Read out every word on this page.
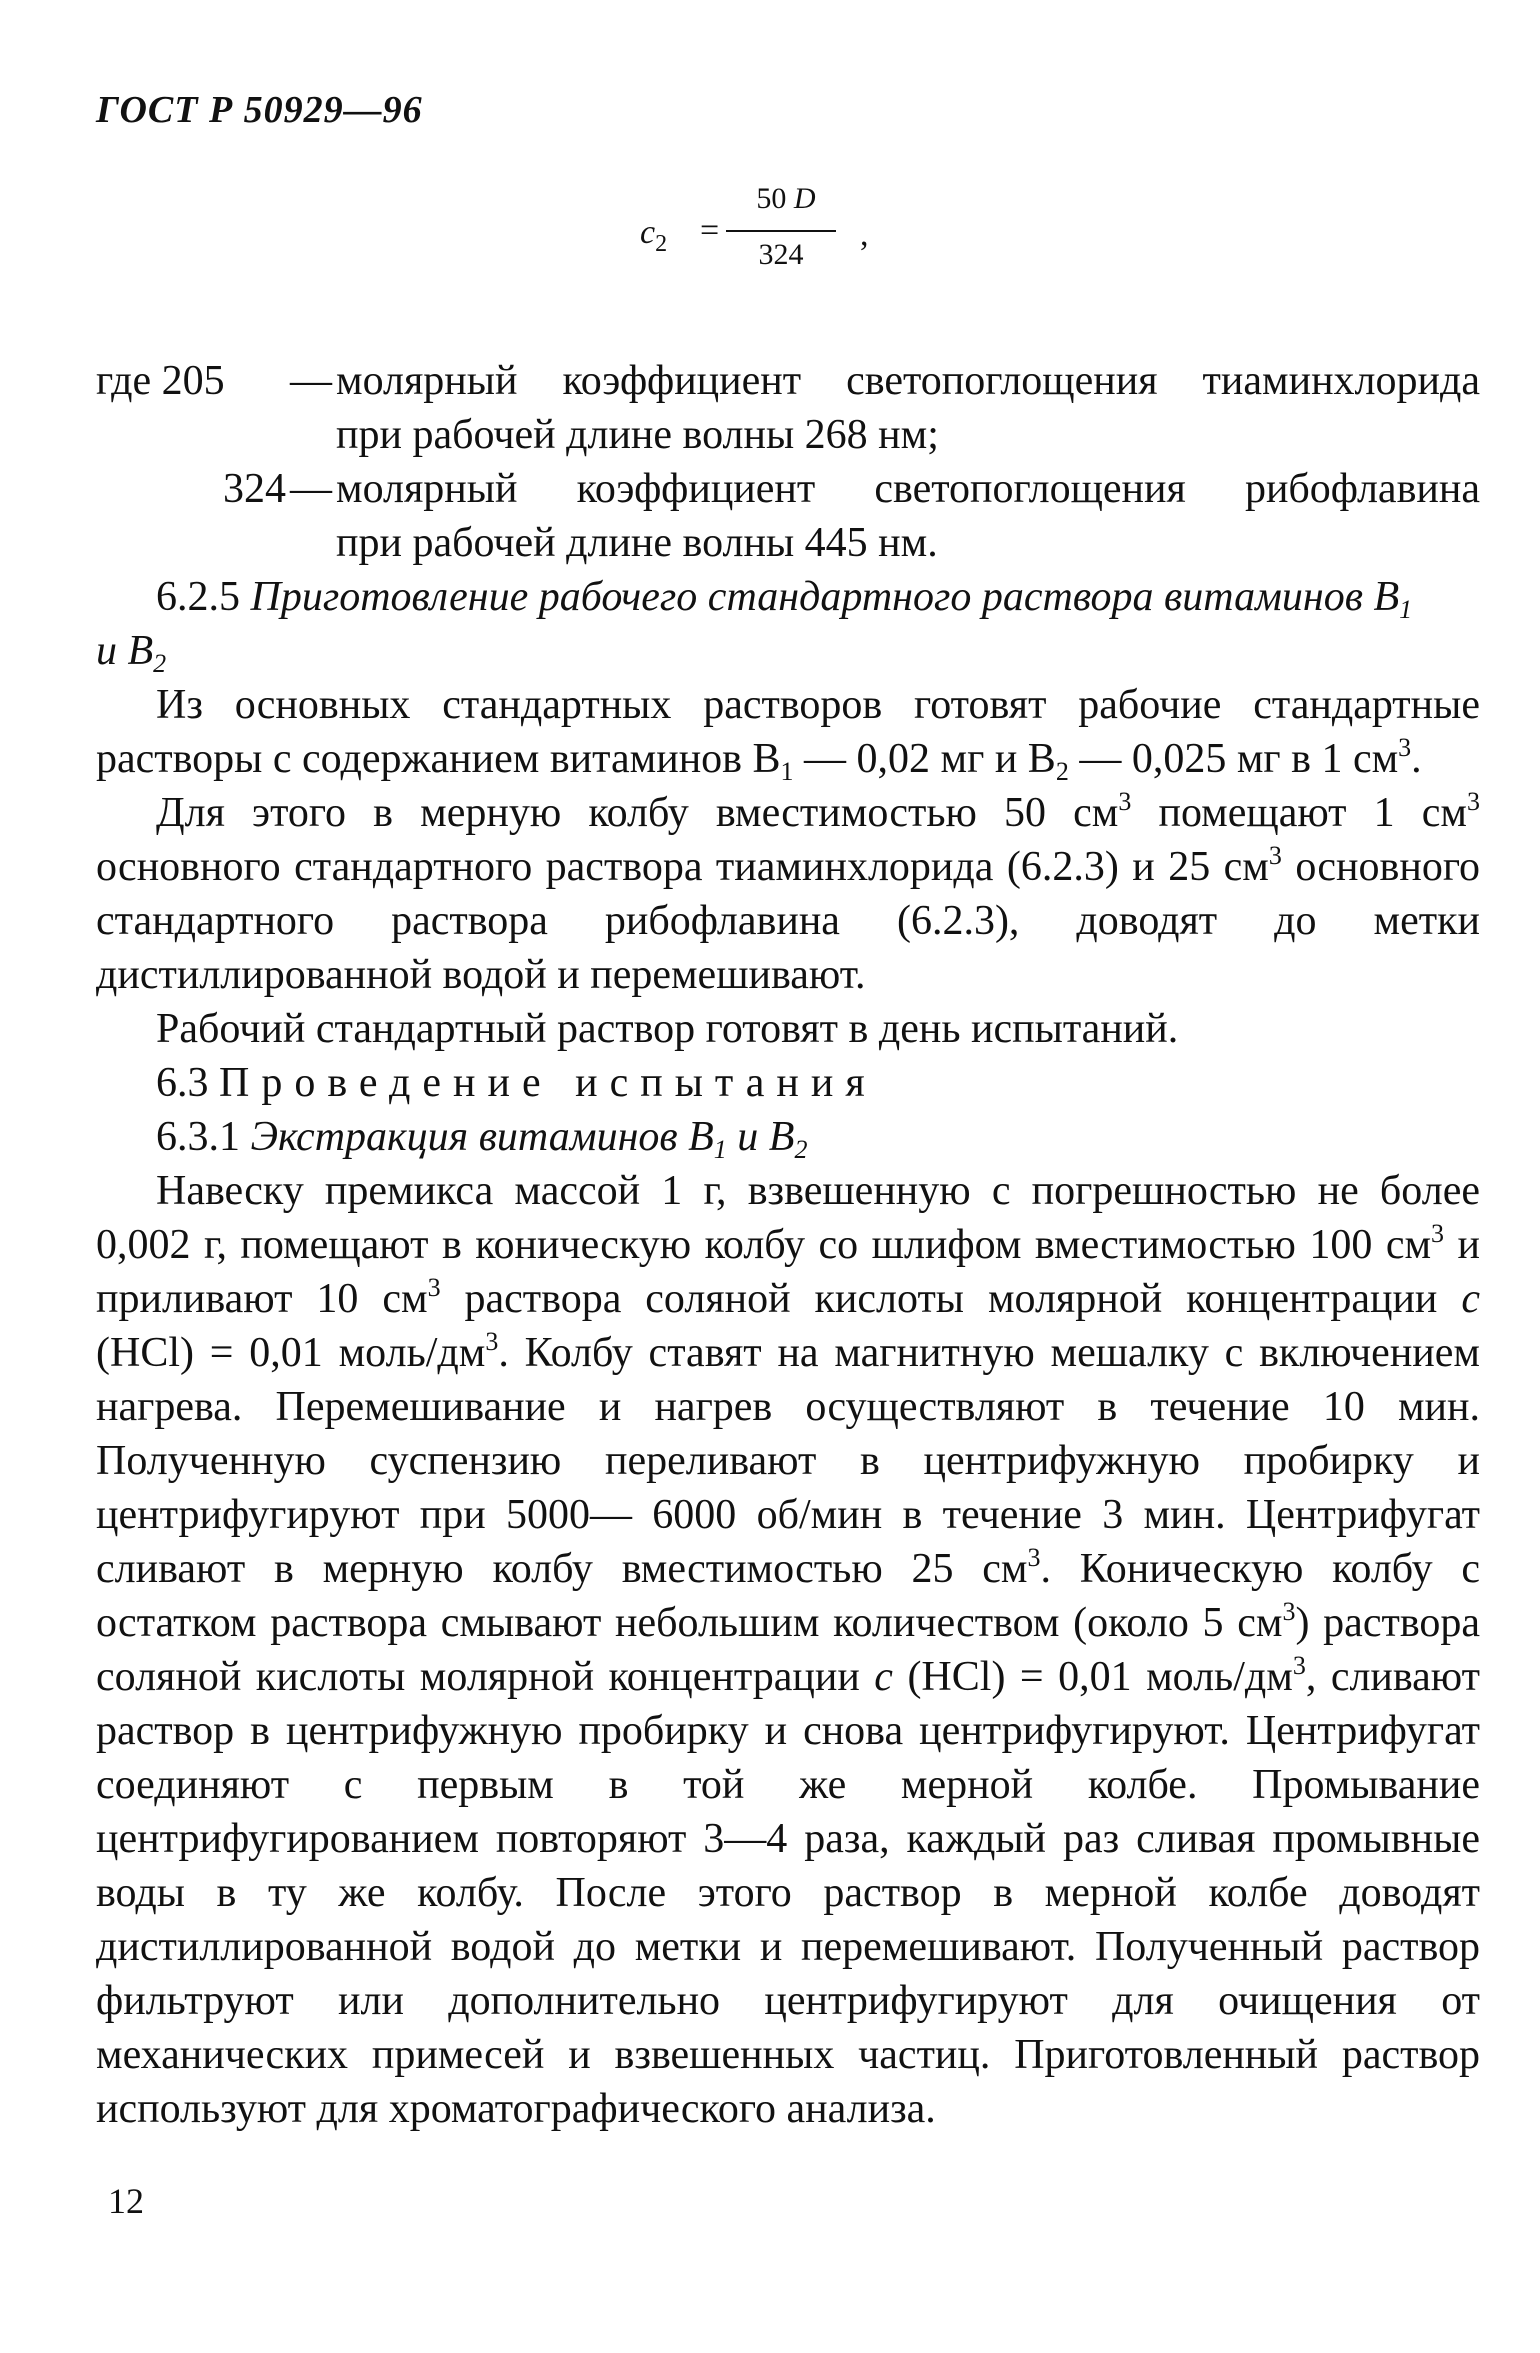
ГОСТ Р 50929—96
$c_2$ =
50 D
324
,
где 205	— молярный коэффициент светопоглощения тиаминхлорида
при рабочей длине волны 268 нм;
324 — молярный коэффициент светопоглощения рибофлавина
при рабочей длине волны 445 нм.

6.2.5 Приготовление рабочего стандартного раствора витаминов $B_1$

и $B_2$

Из основных стандартных растворов готовят рабочие стандартные растворы с содержанием витаминов $B_1$ — 0,02 мг и $B_2$ — 0,025 мг в 1 $см^3$.

Для этого в мерную колбу вместимостью 50 $см^3$ помещают 1 $см^3$ основного стандартного раствора тиаминхлорида (6.2.3) и 25 $см^3$ основного стандартного раствора рибофлавина (6.2.3), доводят до метки дистиллированной водой и перемешивают.

Рабочий стандартный раствор готовят в день испытаний.

6.3 Проведение испытания

6.3.1 Экстракция витаминов $B_1$ и $B_2$

Навеску премикса массой 1 г, взвешенную с погрешностью не более 0,002 г, помещают в коническую колбу со шлифом вместимостью 100 $см^3$ и приливают 10 $см^3$ раствора соляной кислоты молярной концентрации c (HCl) = 0,01 моль/$дм^3$. Колбу ставят на магнитную мешалку с включением нагрева. Перемешивание и нагрев осуществляют в течение 10 мин. Полученную суспензию переливают в центрифужную пробирку и центрифугируют при 5000— 6000 об/мин в течение 3 мин. Центрифугат сливают в мерную колбу вместимостью 25 $см^3$. Коническую колбу с остатком раствора смывают небольшим количеством (около 5 $см^3$) раствора соляной кислоты молярной концентрации c (HCl) = 0,01 моль/$дм^3$, сливают раствор в центрифужную пробирку и снова центрифугируют. Центрифугат соединяют с первым в той же мерной колбе. Промывание центрифугированием повторяют 3—4 раза, каждый раз сливая промывные воды в ту же колбу. После этого раствор в мерной колбе доводят дистиллированной водой до метки и перемешивают. Полученный раствор фильтруют или дополнительно центрифугируют для очищения от механических примесей и взвешенных частиц. Приготовленный раствор используют для хроматографического анализа.

12
